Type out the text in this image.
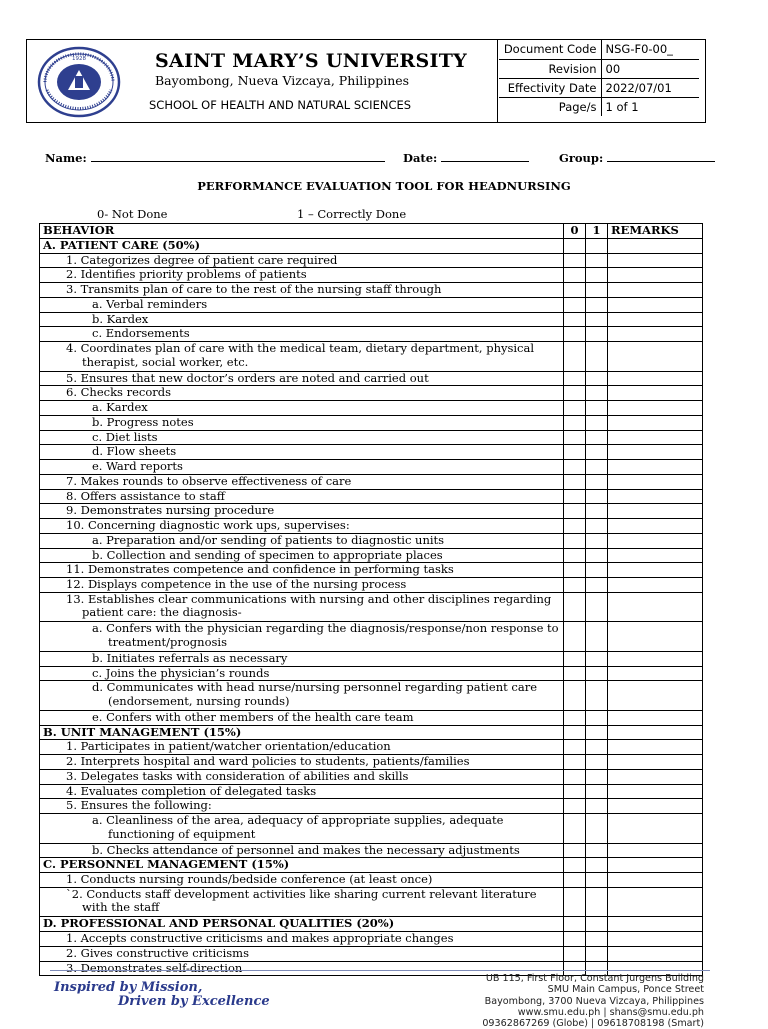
1928	SAINT MARY’S UNIVERSITY
Bayombong, Nueva Vizcaya, Philippines
SCHOOL OF HEALTH AND NATURAL SCIENCES
Document Code	NSG-F0-00_
Revision	00
Effectivity Date	2022/07/01
Page/s	1 of 1
Name:	Date:	Group:
PERFORMANCE EVALUATION TOOL FOR HEADNURSING
0- Not Done	1 – Correctly Done
BEHAVIOR	0	1	REMARKS
A. PATIENT CARE (50%)			

1. Categorizes degree of patient care required			

2. Identifies priority problems of patients			

3. Transmits plan of care to the rest of the nursing staff through			

a. Verbal reminders			

b. Kardex			

c. Endorsements			

4. Coordinates plan of care with the medical team, dietary department, physical therapist, social worker, etc.			

5. Ensures that new doctor’s orders are noted and carried out			

6. Checks records			

a. Kardex			

b. Progress notes			

c. Diet lists			

d. Flow sheets			

e. Ward reports			

7. Makes rounds to observe effectiveness of care			

8. Offers assistance to staff			

9. Demonstrates nursing procedure			

10. Concerning diagnostic work ups, supervises:			

a. Preparation and/or sending of patients to diagnostic units			

b. Collection and sending of specimen to appropriate places			

11. Demonstrates competence and confidence in performing tasks			

12. Displays competence in the use of the nursing process			

13. Establishes clear communications with nursing and other disciplines regarding patient care: the diagnosis-			

a. Confers with the physician regarding the diagnosis/response/non response to treatment/prognosis			

b. Initiates referrals as necessary			

c. Joins the physician’s rounds			

d. Communicates with head nurse/nursing personnel regarding patient care (endorsement, nursing rounds)			

e. Confers with other members of the health care team			

B. UNIT MANAGEMENT (15%)			

1. Participates in patient/watcher orientation/education			

2. Interprets hospital and ward policies to students, patients/families			

3. Delegates tasks with consideration of abilities and skills			

4. Evaluates completion of delegated tasks			

5. Ensures the following:			

a. Cleanliness of the area, adequacy of appropriate supplies, adequate functioning of equipment			

b. Checks attendance of personnel and makes the necessary adjustments			

C. PERSONNEL MANAGEMENT (15%)			

1. Conducts nursing rounds/bedside conference (at least once)			

`2. Conducts staff development activities like sharing current relevant literature with the staff			

D. PROFESSIONAL AND PERSONAL QUALITIES (20%)			

1. Accepts constructive criticisms and makes appropriate changes			

2. Gives constructive criticisms			

3. Demonstrates self-direction			

Inspired by Mission,
Driven by Excellence
UB 115, First Floor, Constant Jurgens Building
SMU Main Campus, Ponce Street
Bayombong, 3700 Nueva Vizcaya, Philippines
www.smu.edu.ph | shans@smu.edu.ph
09362867269 (Globe) | 09618708198 (Smart)
